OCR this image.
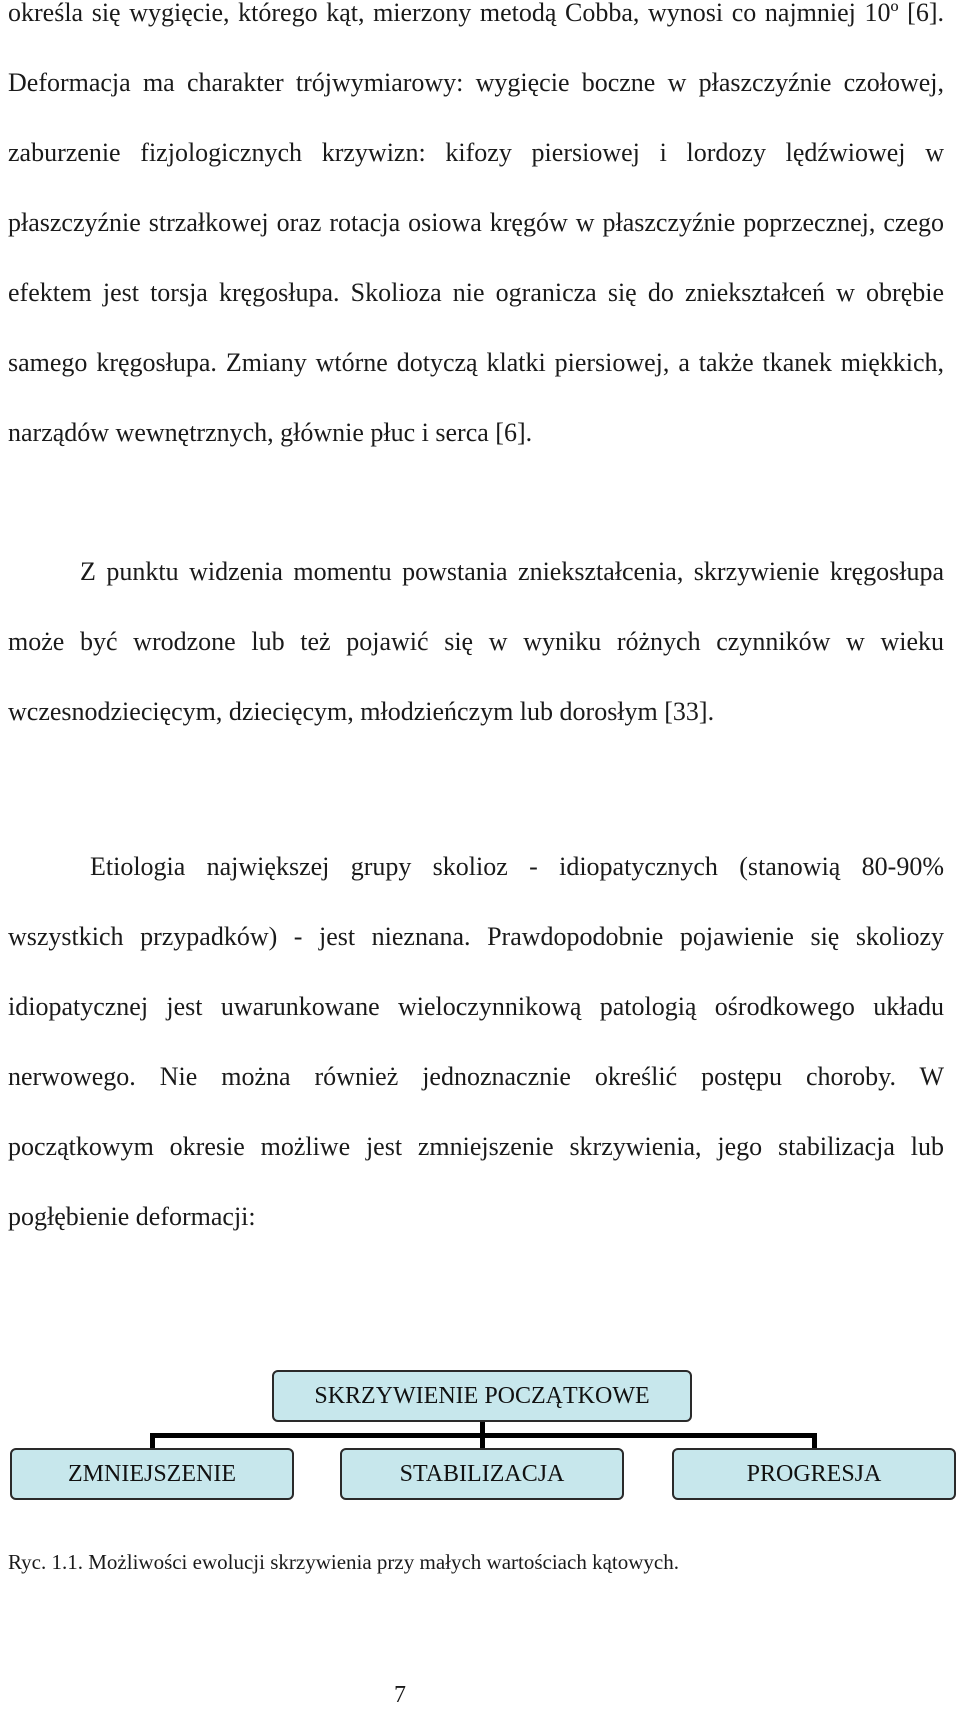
określa się wygięcie, którego kąt, mierzony metodą Cobba, wynosi co najmniej 10º [6]. Deformacja ma charakter trójwymiarowy: wygięcie boczne w płaszczyźnie czołowej, zaburzenie fizjologicznych krzywizn: kifozy piersiowej i lordozy lędźwiowej w płaszczyźnie strzałkowej oraz rotacja osiowa kręgów w płaszczyźnie poprzecznej, czego efektem jest torsja kręgosłupa. Skolioza nie ogranicza się do zniekształceń w obrębie samego kręgosłupa. Zmiany wtórne dotyczą klatki piersiowej, a także tkanek miękkich, narządów wewnętrznych, głównie płuc i serca [6].

Z punktu widzenia momentu powstania zniekształcenia, skrzywienie kręgosłupa może być wrodzone lub też pojawić się w wyniku różnych czynników w wieku wczesnodziecięcym, dziecięcym, młodzieńczym lub dorosłym [33].

Etiologia największej grupy skolioz - idiopatycznych (stanowią 80-90% wszystkich przypadków) - jest nieznana. Prawdopodobnie pojawienie się skoliozy idiopatycznej jest uwarunkowane wieloczynnikową patologią ośrodkowego układu nerwowego. Nie można również jednoznacznie określić postępu choroby. W początkowym okresie możliwe jest zmniejszenie skrzywienia, jego stabilizacja lub pogłębienie deformacji:

SKRZYWIENIE POCZĄTKOWE
ZMNIEJSZENIE	STABILIZACJA	PROGRESJA
Ryc. 1.1. Możliwości ewolucji skrzywienia przy małych wartościach kątowych.
7
